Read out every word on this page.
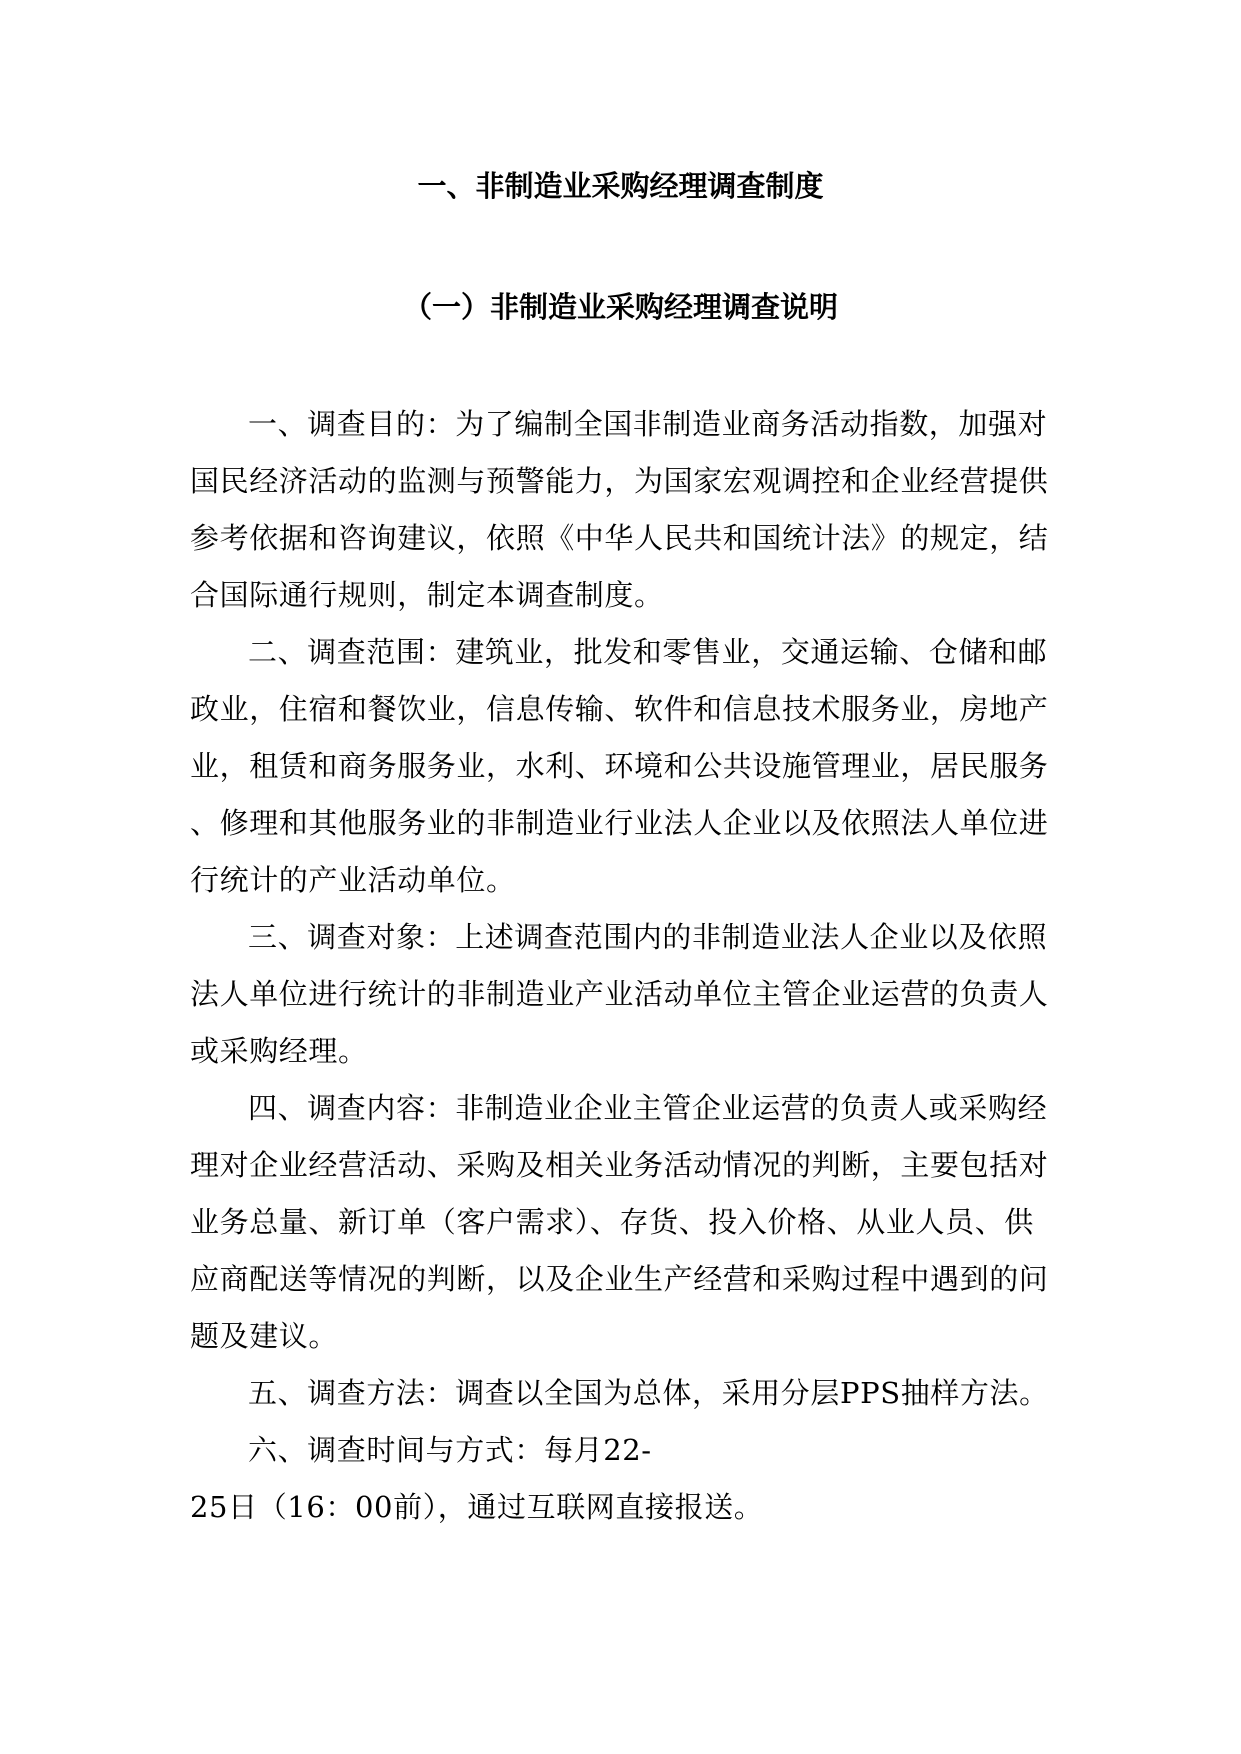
一、非制造业采购经理调查制度
（一）非制造业采购经理调查说明
一、调查目的：为了编制全国非制造业商务活动指数，加强对
国民经济活动的监测与预警能力，为国家宏观调控和企业经营提供
参考依据和咨询建议，依照《中华人民共和国统计法》的规定，结
合国际通行规则，制定本调查制度。
二、调查范围：建筑业，批发和零售业，交通运输、仓储和邮
政业，住宿和餐饮业，信息传输、软件和信息技术服务业，房地产
业，租赁和商务服务业，水利、环境和公共设施管理业，居民服务
、修理和其他服务业的非制造业行业法人企业以及依照法人单位进
行统计的产业活动单位。
三、调查对象：上述调查范围内的非制造业法人企业以及依照
法人单位进行统计的非制造业产业活动单位主管企业运营的负责人
或采购经理。
四、调查内容：非制造业企业主管企业运营的负责人或采购经
理对企业经营活动、采购及相关业务活动情况的判断，主要包括对
业务总量、新订单（客户需求）、存货、投入价格、从业人员、供
应商配送等情况的判断，以及企业生产经营和采购过程中遇到的问
题及建议。
五、调查方法：调查以全国为总体，采用分层PPS抽样方法。
六、调查时间与方式：每月22-
25日（16：00前），通过互联网直接报送。
